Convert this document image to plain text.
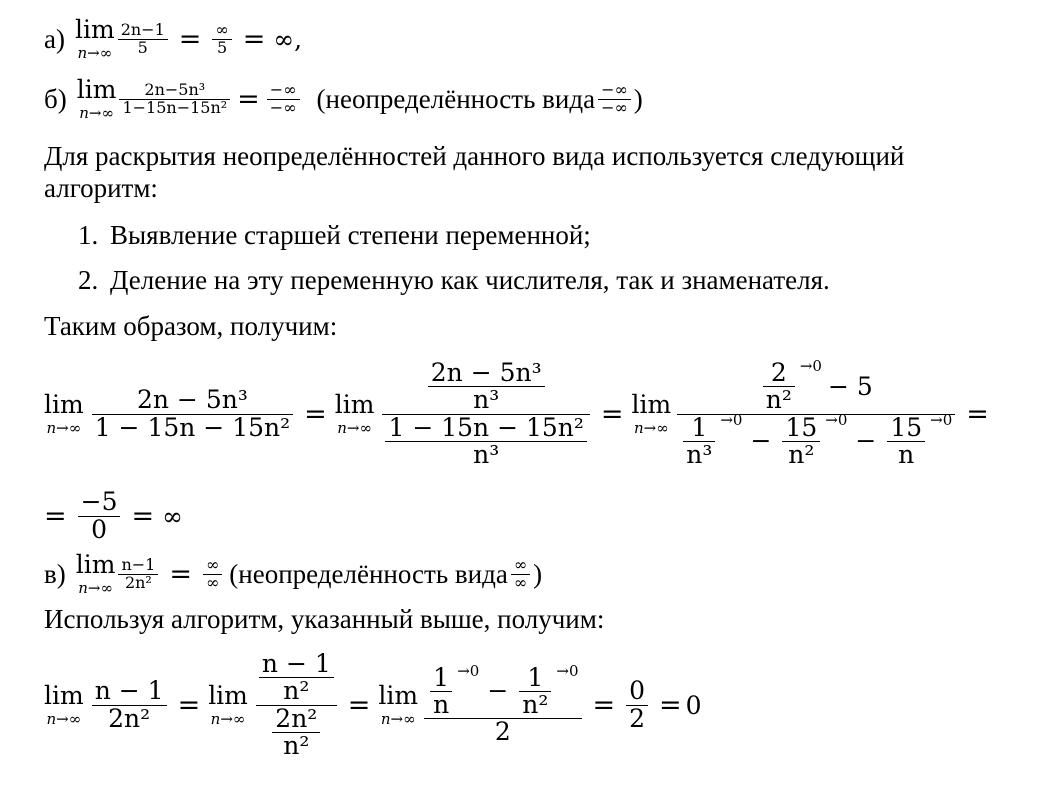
а) lim
n→∞
2n−1
5 = ∞
5 = ∞,
б) lim
n→∞
2n−5n³
1−15n−15n² = −∞
−∞ (неопределённость вида −∞
−∞ )
Для раскрытия неопределённостей данного вида используется следующий
алгоритм:
1. Выявление старшей степени переменной;
2. Деление на эту переменную как числителя, так и знаменателя.
Таким образом, получим:
lim
n→∞
2n − 5n³
1 − 15n − 15n² = lim
n→∞
2n − 5n³
n³
1 − 15n − 15n²
n³
= lim
n→∞
2
n²
→0
− 5
1
n³
→0
− 15
n²
→0
− 15
n
→0 =
= −5
0 = ∞
в) lim
n→∞
n−1
2n² = ∞
∞ (неопределённость вида ∞
∞ )
Используя алгоритм, указанный выше, получим:
lim
n→∞
n − 1
2n² = lim
n→∞
n − 1
n²
2n²
n²
= lim
n→∞
1
n
→0
− 1
n²
→0
2
= 0
2 = 0
